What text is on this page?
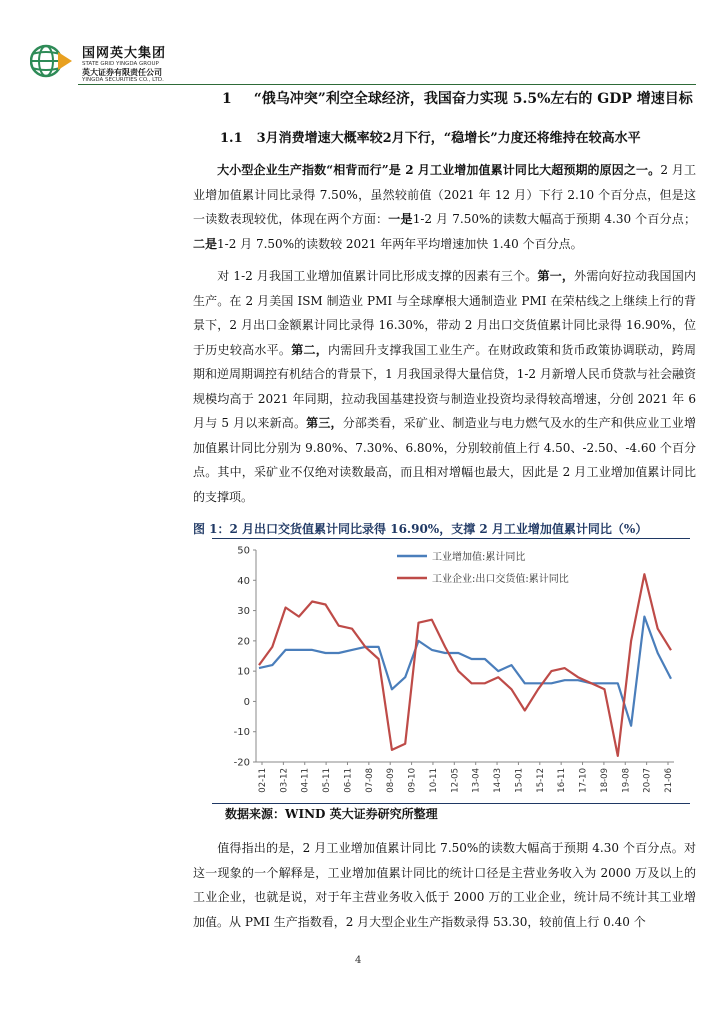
国网英大集团
STATE GRID YINGDA GROUP
英大证券有限责任公司
YINGDA SECURITIES CO., LTD.
1 “俄乌冲突”利空全球经济，我国奋力实现 5.5%左右的 GDP 增速目标
1.1 3月消费增速大概率较2月下行，“稳增长”力度还将维持在较高水平
大小型企业生产指数“相背而行”是 2 月工业增加值累计同比大超预期的原因之一。2 月工业增加值累计同比录得 7.50%，虽然较前值（2021 年 12 月）下行 2.10 个百分点，但是这一读数表现较优，体现在两个方面：一是1-2 月 7.50%的读数大幅高于预期 4.30 个百分点；二是1-2 月 7.50%的读数较 2021 年两年平均增速加快 1.40 个百分点。
对 1-2 月我国工业增加值累计同比形成支撑的因素有三个。第一，外需向好拉动我国国内生产。在 2 月美国 ISM 制造业 PMI 与全球摩根大通制造业 PMI 在荣枯线之上继续上行的背景下，2 月出口金额累计同比录得 16.30%，带动 2 月出口交货值累计同比录得 16.90%，位于历史较高水平。第二，内需回升支撑我国工业生产。在财政政策和货币政策协调联动，跨周期和逆周期调控有机结合的背景下，1 月我国录得大量信贷，1-2 月新增人民币贷款与社会融资规模均高于 2021 年同期，拉动我国基建投资与制造业投资均录得较高增速，分创 2021 年 6 月与 5 月以来新高。第三，分部类看，采矿业、制造业与电力燃气及水的生产和供应业工业增加值累计同比分别为 9.80%、7.30%、6.80%，分别较前值上行 4.50、-2.50、-4.60 个百分点。其中，采矿业不仅绝对读数最高，而且相对增幅也最大，因此是 2 月工业增加值累计同比的支撑项。
图 1：2 月出口交货值累计同比录得 16.90%，支撑 2 月工业增加值累计同比（%）
-20
-10
0
10
20
30
40
50
02-11 03-12 04-11 05-11 06-11 07-08 08-09 09-10 10-11 12-05 13-04 14-03 15-01 15-12 16-11 17-10 18-09 19-08 20-07 21-06
工业增加值:累计同比
工业企业:出口交货值:累计同比
数据来源：WIND 英大证券研究所整理
值得指出的是，2 月工业增加值累计同比 7.50%的读数大幅高于预期 4.30 个百分点。对这一现象的一个解释是，工业增加值累计同比的统计口径是主营业务收入为 2000 万及以上的工业企业，也就是说，对于年主营业务收入低于 2000 万的工业企业，统计局不统计其工业增加值。从 PMI 生产指数看，2 月大型企业生产指数录得 53.30，较前值上行 0.40 个
4
